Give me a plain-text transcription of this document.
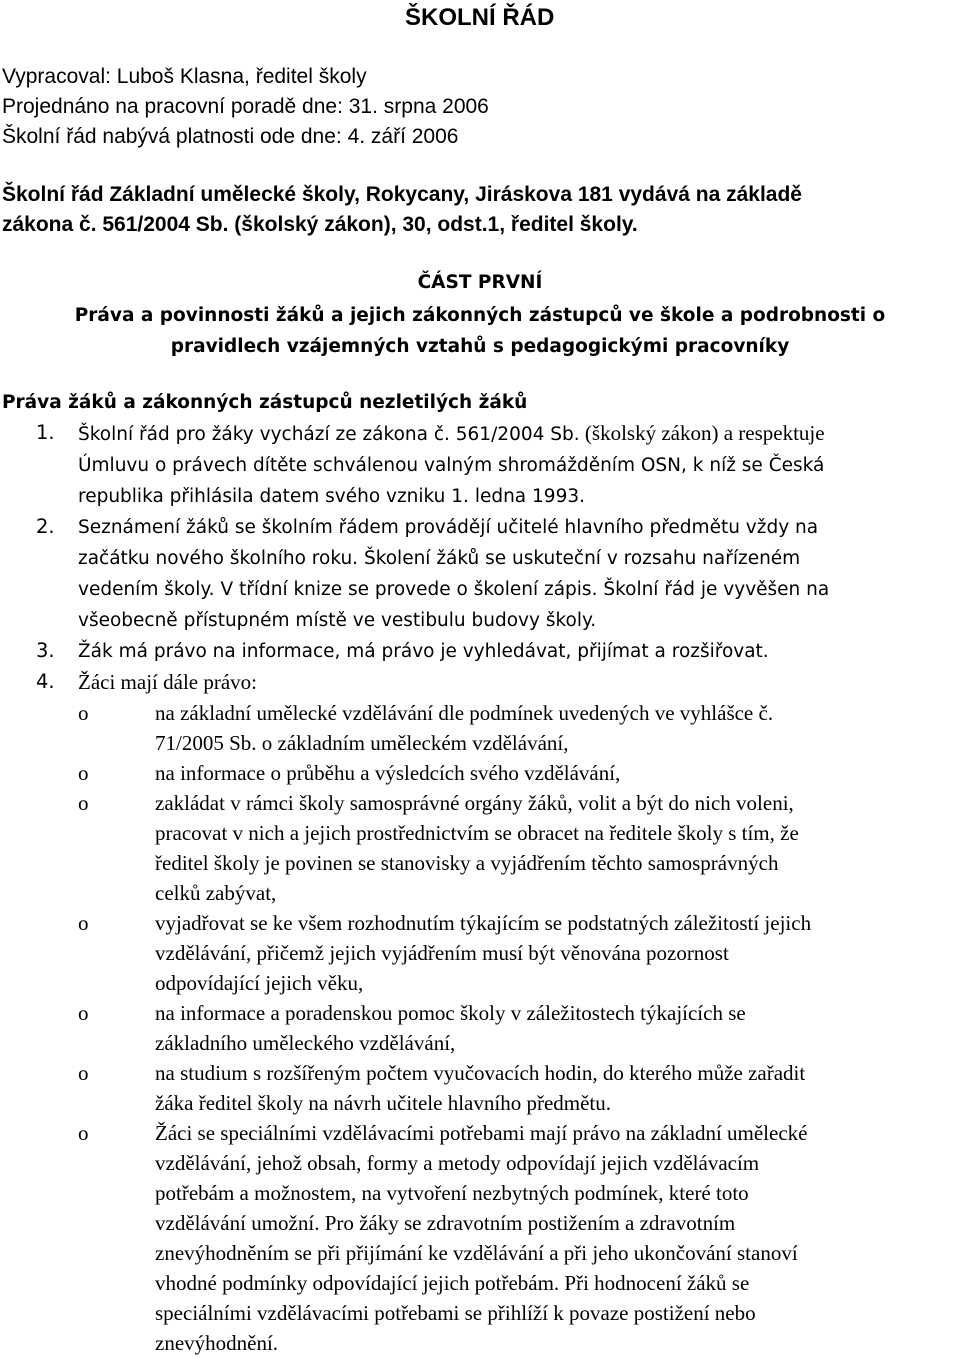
ŠKOLNÍ ŘÁD
Vypracoval: Luboš Klasna, ředitel školy
Projednáno na pracovní poradě dne: 31. srpna 2006
Školní řád nabývá platnosti ode dne: 4. září 2006
Školní řád Základní umělecké školy, Rokycany, Jiráskova 181 vydává na základě
zákona č. 561/2004 Sb. (školský zákon), 30, odst.1, ředitel školy.
ČÁST PRVNÍ
Práva a povinnosti žáků a jejich zákonných zástupců ve škole a podrobnosti o
pravidlech vzájemných vztahů s pedagogickými pracovníky
Práva žáků a zákonných zástupců nezletilých žáků
1. Školní řád pro žáky vychází ze zákona č. 561/2004 Sb. (školský zákon) a respektuje
Úmluvu o právech dítěte schválenou valným shromážděním OSN, k níž se Česká
republika přihlásila datem svého vzniku 1. ledna 1993.
2. Seznámení žáků se školním řádem provádějí učitelé hlavního předmětu vždy na
začátku nového školního roku. Školení žáků se uskuteční v rozsahu nařízeném
vedením školy. V třídní knize se provede o školení zápis. Školní řád je vyvěšen na
všeobecně přístupném místě ve vestibulu budovy školy.
3. Žák má právo na informace, má právo je vyhledávat, přijímat a rozšiřovat.
4. Žáci mají dále právo:
o	na základní umělecké vzdělávání dle podmínek uvedených ve vyhlášce č.
71/2005 Sb. o základním uměleckém vzdělávání,
o	na informace o průběhu a výsledcích svého vzdělávání,
o	zakládat v rámci školy samosprávné orgány žáků, volit a být do nich voleni,
pracovat v nich a jejich prostřednictvím se obracet na ředitele školy s tím, že
ředitel školy je povinen se stanovisky a vyjádřením těchto samosprávných
celků zabývat,
o	vyjadřovat se ke všem rozhodnutím týkajícím se podstatných záležitostí jejich
vzdělávání, přičemž jejich vyjádřením musí být věnována pozornost
odpovídající jejich věku,
o	na informace a poradenskou pomoc školy v záležitostech týkajících se
základního uměleckého vzdělávání,
o	na studium s rozšířeným počtem vyučovacích hodin, do kterého může zařadit
žáka ředitel školy na návrh učitele hlavního předmětu.
o	Žáci se speciálními vzdělávacími potřebami mají právo na základní umělecké
vzdělávání, jehož obsah, formy a metody odpovídají jejich vzdělávacím
potřebám a možnostem, na vytvoření nezbytných podmínek, které toto
vzdělávání umožní. Pro žáky se zdravotním postižením a zdravotním
znevýhodněním se při přijímání ke vzdělávání a při jeho ukončování stanoví
vhodné podmínky odpovídající jejich potřebám. Při hodnocení žáků se
speciálními vzdělávacími potřebami se přihlíží k povaze postižení nebo
znevýhodnění.
